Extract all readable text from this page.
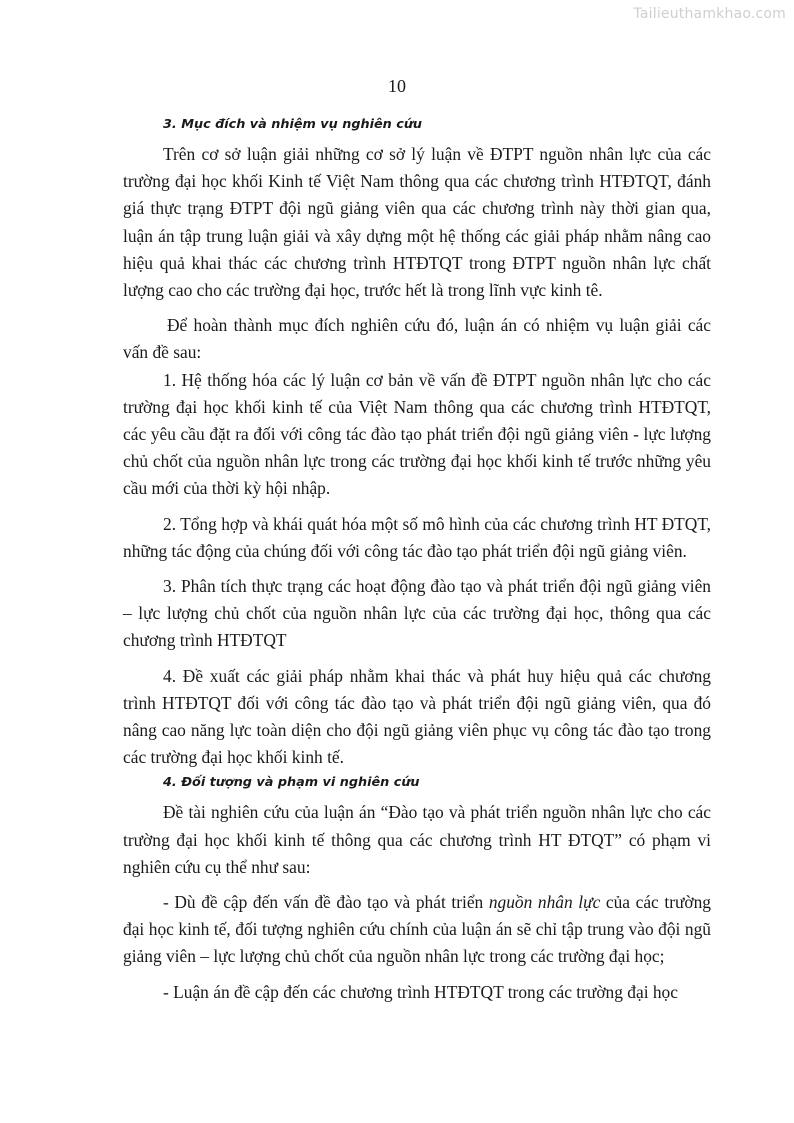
Tailieuthamkhao.com
10
3. Mục đích và nhiệm vụ nghiên cứu

Trên cơ sở luận giải những cơ sở lý luận về ĐTPT nguồn nhân lực của các trường đại học khối Kinh tế Việt Nam thông qua các chương trình HTĐTQT, đánh giá thực trạng ĐTPT đội ngũ giảng viên qua các chương trình này thời gian qua, luận án tập trung luận giải và xây dựng một hệ thống các giải pháp nhằm nâng cao hiệu quả khai thác các chương trình HTĐTQT trong ĐTPT nguồn nhân lực chất lượng cao cho các trường đại học, trước hết là trong lĩnh vực kinh tê.

Để hoàn thành mục đích nghiên cứu đó, luận án có nhiệm vụ luận giải các vấn đề sau:

1. Hệ thống hóa các lý luận cơ bản về vấn đề ĐTPT nguồn nhân lực cho các trường đại học khối kinh tế của Việt Nam thông qua các chương trình HTĐTQT, các yêu cầu đặt ra đối với công tác đào tạo phát triển đội ngũ giảng viên - lực lượng chủ chốt của nguồn nhân lực trong các trường đại học khối kinh tế trước những yêu cầu mới của thời kỳ hội nhập.

2. Tổng hợp và khái quát hóa một số mô hình của các chương trình HT ĐTQT, những tác động của chúng đối với công tác đào tạo phát triển đội ngũ giảng viên.

3. Phân tích thực trạng các hoạt động đào tạo và phát triển đội ngũ giảng viên – lực lượng chủ chốt của nguồn nhân lực của các trường đại học, thông qua các chương trình HTĐTQT

4. Đề xuất các giải pháp nhằm khai thác và phát huy hiệu quả các chương trình HTĐTQT đối với công tác đào tạo và phát triển đội ngũ giảng viên, qua đó nâng cao năng lực toàn diện cho đội ngũ giảng viên phục vụ công tác đào tạo trong các trường đại học khối kinh tế.

4. Đối tượng và phạm vi nghiên cứu

Đề tài nghiên cứu của luận án “Đào tạo và phát triển nguồn nhân lực cho các trường đại học khối kinh tế thông qua các chương trình HT ĐTQT” có phạm vi nghiên cứu cụ thể như sau:

- Dù đề cập đến vấn đề đào tạo và phát triển nguồn nhân lực của các trường đại học kinh tế, đối tượng nghiên cứu chính của luận án sẽ chỉ tập trung vào đội ngũ giảng viên – lực lượng chủ chốt của nguồn nhân lực trong các trường đại học;

- Luận án đề cập đến các chương trình HTĐTQT trong các trường đại học
